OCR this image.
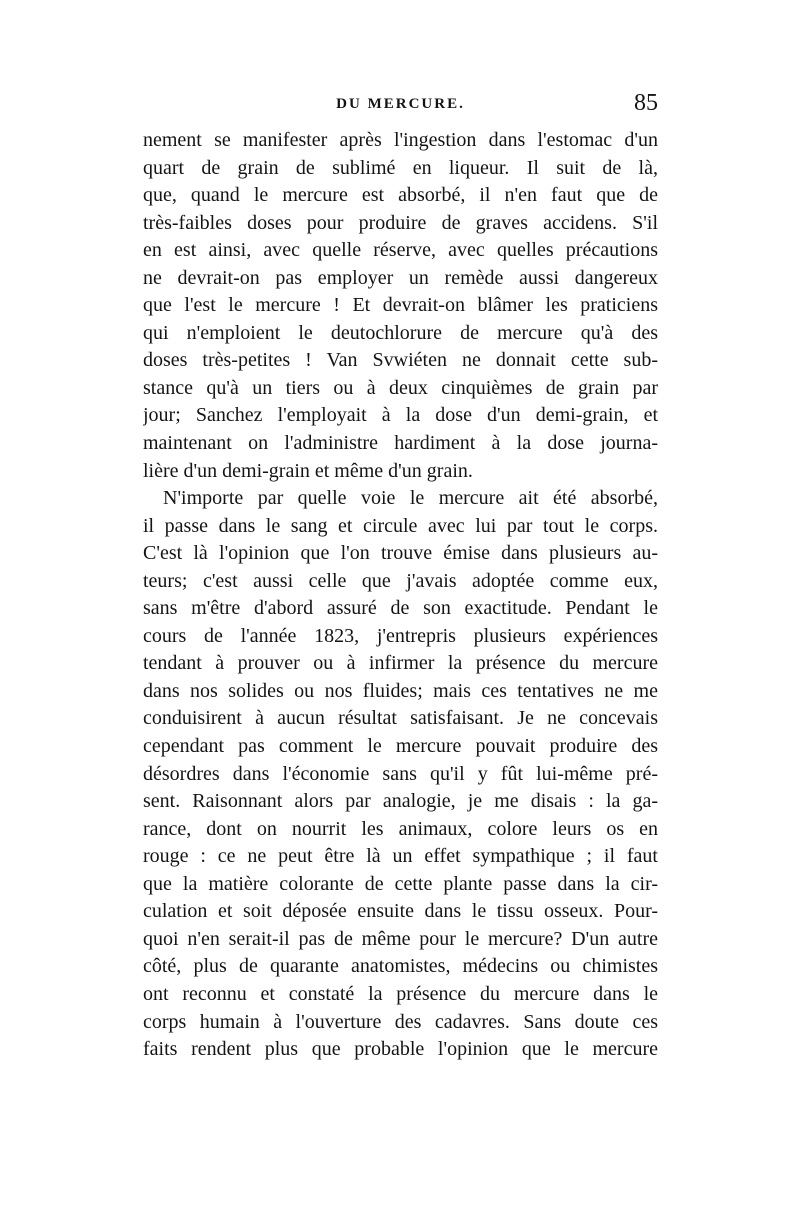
DU MERCURE.	85
nement se manifester après l'ingestion dans l'estomac d'un
quart de grain de sublimé en liqueur. Il suit de là,
que, quand le mercure est absorbé, il n'en faut que de
très-faibles doses pour produire de graves accidens. S'il
en est ainsi, avec quelle réserve, avec quelles précautions
ne devrait-on pas employer un remède aussi dangereux
que l'est le mercure ! Et devrait-on blâmer les praticiens
qui n'emploient le deutochlorure de mercure qu'à des
doses très-petites ! Van Svwiéten ne donnait cette sub-
stance qu'à un tiers ou à deux cinquièmes de grain par
jour; Sanchez l'employait à la dose d'un demi-grain, et
maintenant on l'administre hardiment à la dose journa-
lière d'un demi-grain et même d'un grain.
N'importe par quelle voie le mercure ait été absorbé,
il passe dans le sang et circule avec lui par tout le corps.
C'est là l'opinion que l'on trouve émise dans plusieurs au-
teurs; c'est aussi celle que j'avais adoptée comme eux,
sans m'être d'abord assuré de son exactitude. Pendant le
cours de l'année 1823, j'entrepris plusieurs expériences
tendant à prouver ou à infirmer la présence du mercure
dans nos solides ou nos fluides; mais ces tentatives ne me
conduisirent à aucun résultat satisfaisant. Je ne concevais
cependant pas comment le mercure pouvait produire des
désordres dans l'économie sans qu'il y fût lui-même pré-
sent. Raisonnant alors par analogie, je me disais : la ga-
rance, dont on nourrit les animaux, colore leurs os en
rouge : ce ne peut être là un effet sympathique ; il faut
que la matière colorante de cette plante passe dans la cir-
culation et soit déposée ensuite dans le tissu osseux. Pour-
quoi n'en serait-il pas de même pour le mercure? D'un autre
côté, plus de quarante anatomistes, médecins ou chimistes
ont reconnu et constaté la présence du mercure dans le
corps humain à l'ouverture des cadavres. Sans doute ces
faits rendent plus que probable l'opinion que le mercure
